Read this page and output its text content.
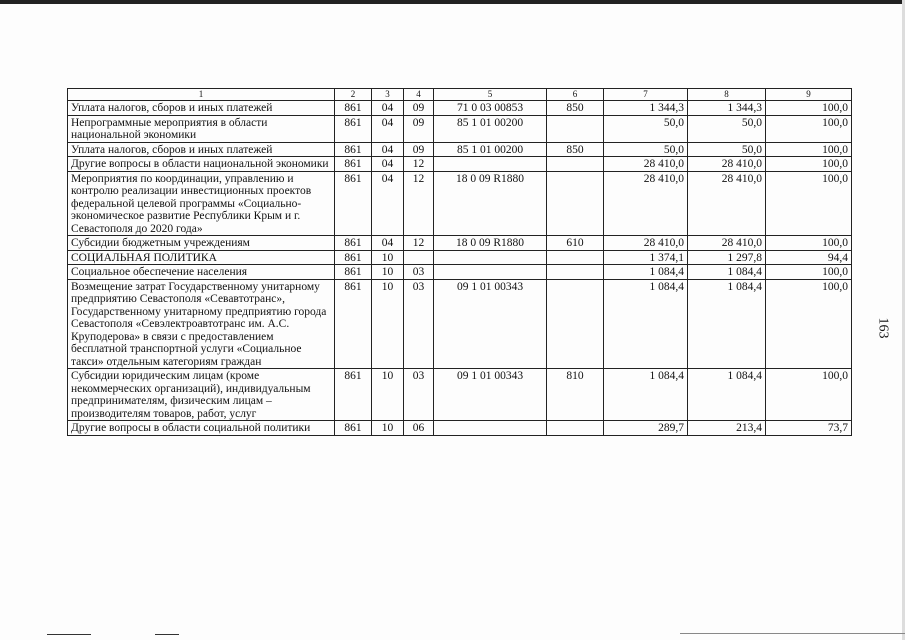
1	2	3	4	5	6	7	8	9
Уплата налогов, сборов и иных платежей	861	04	09	71 0 03 00853	850	1 344,3	1 344,3	100,0
Непрограммные мероприятия в области национальной экономики	861	04	09	85 1 01 00200		50,0	50,0	100,0
Уплата налогов, сборов и иных платежей	861	04	09	85 1 01 00200	850	50,0	50,0	100,0
Другие вопросы в области национальной экономики	861	04	12			28 410,0	28 410,0	100,0
Мероприятия по координации, управлению и контролю реализации инвестиционных проектов федеральной целевой программы «Социально-экономическое развитие Республики Крым и г. Севастополя до 2020 года»	861	04	12	18 0 09 R1880		28 410,0	28 410,0	100,0
Субсидии бюджетным учреждениям	861	04	12	18 0 09 R1880	610	28 410,0	28 410,0	100,0
СОЦИАЛЬНАЯ ПОЛИТИКА	861	10				1 374,1	1 297,8	94,4
Социальное обеспечение населения	861	10	03			1 084,4	1 084,4	100,0
Возмещение затрат Государственному унитарному предприятию Севастополя «Севавтотранс», Государственному унитарному предприятию города Севастополя «Севэлектроавтотранс им. А.С. Круподерова» в связи с предоставлением бесплатной транспортной услуги «Социальное такси» отдельным категориям граждан	861	10	03	09 1 01 00343		1 084,4	1 084,4	100,0
Субсидии юридическим лицам (кроме некоммерческих организаций), индивидуальным предпринимателям, физическим лицам – производителям товаров, работ, услуг	861	10	03	09 1 01 00343	810	1 084,4	1 084,4	100,0
Другие вопросы в области социальной политики	861	10	06			289,7	213,4	73,7
163
